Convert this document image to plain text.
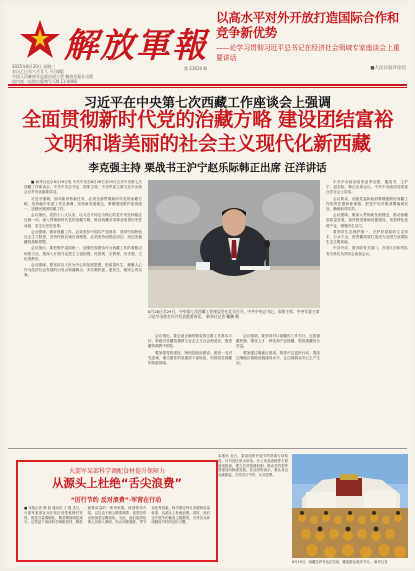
解放軍報
2025年8月20日 星期三
农历乙巳年六月廿八 今日8版
中国人民解放军总政治部主管 解放军报社出版
国内统一连续出版物号 CN 11-0066
第 21610 期
以高水平对外开放打造国际合作和竞争新优势
——论学习贯彻习近平总书记在经济社会领域专家座谈会上重要讲话
■人民日报评论员
习近平在中央第七次西藏工作座谈会上强调
全面贯彻新时代党的治藏方略 建设团结富裕
文明和谐美丽的社会主义现代化新西藏
李克强主持 栗战书王沪宁赵乐际韩正出席 汪洋讲话

■ 新华社北京8月29日电 中共中央在8月28日至29日召开中央第七次西藏工作座谈会。中共中央总书记、国家主席、中央军委主席习近平出席会议并发表重要讲话。

习近平强调，面对新形势新任务，必须全面贯彻新时代党的治藏方略，坚持稳中求进工作总基调，坚持新发展理念，紧紧围绕维护祖国统一、加强民族团结做工作。

会议指出，党的十八大以来，以习近平同志为核心的党中央坚持稳定压倒一切，深入贯彻新时代党的治藏方略，推动西藏各项事业取得历史性成就、发生历史性变革。

会议强调，做好西藏工作，必须坚持中国共产党领导、坚持中国特色社会主义制度、坚持民族区域自治制度，必须坚持治国必治边、治边先稳藏的战略思想。

会议指出，要把维护祖国统一、加强民族团结作为西藏工作的着眼点和着力点，要深入开展马克思主义祖国观、民族观、宗教观、历史观、文化观教育。

会议强调，要坚持以人民为中心的发展思想，把改善民生、凝聚人心作为经济社会发展的出发点和落脚点，多办顺民意、惠民生、暖民心的实事。

8月28日至29日，中央第七次西藏工作座谈会在北京召开。中共中央总书记、国家主席、中央军委主席习近平出席会议并发表重要讲话。 新华社记者 鞠鹏 摄

会议指出，要全面正确贯彻党的宗教工作基本方针，积极引导藏传佛教与社会主义社会相适应，推进藏传佛教中国化。

要加强党的建设，特别是政治建设，建设一支对党忠诚、堪当重任的高素质干部队伍，巩固党在西藏的执政基础。

会议强调，要坚持对口援藏的工作方针，完善援藏机制，强化人才、科技和产业援藏，提高援藏综合效益。

要加强边境地区建设，推进兴边富民行动，提高边境地区基础设施建设水平，让边境群众安心生产生活。

中共中央政治局常委李克强、栗战书、王沪宁、赵乐际、韩正出席会议，中共中央政治局常委汪洋在会上讲话。

会议要求，各级党委和政府要增强做好西藏工作的责任感和使命感，把党中央决策部署落到实处，确保取得实效。

会议强调，要深入贯彻新发展理念，推动西藏高质量发展，加快推进基础设施建设，发展特色优势产业，增强内生动力。

要坚持生态保护第一，守护好高原的生灵草木、万水千山，把青藏高原打造成为全国乃至国际生态文明高地。

中共中央、国务院有关部门，各省区市和军队有关单位负责同志参加会议。

火箭军某部科学调配食材提升保障力
从源头上杜绝“舌尖浪费”
“厉行节约 反对浪费”·军营在行动
■ 本报记者 韩 旭 通讯员 王 强 近日，火箭军某部官兵在营区食堂就餐时发现，饭菜分量刚刚好，剩菜剩饭明显减少。这得益于该部科学调配食材、精准测算用量的一系列举措。该部领导介绍，以往由于缺乏精准测算，食堂经常出现饭菜过剩现象。为此，他们组织炊事人员深入调研，结合训练强度、季节变化等因素，科学制定每日食谱和用量标准，从源头上杜绝浪费。同时，他们还开展节约粮食主题教育，引导官兵养成勤俭节约的良好习惯。
本报讯 近日，某部组织开展节约资源专项检查，针对营区用水用电、办公用品消耗等方面逐项排查，建立长效管理机制，推动节约型军营建设向纵深发展。官兵纷纷表示，要从身边点滴做起，自觉厉行节约、反对浪费。
8月19日，西藏拉萨布达拉宫前，藏族群众欢庆节日。 新华社发
